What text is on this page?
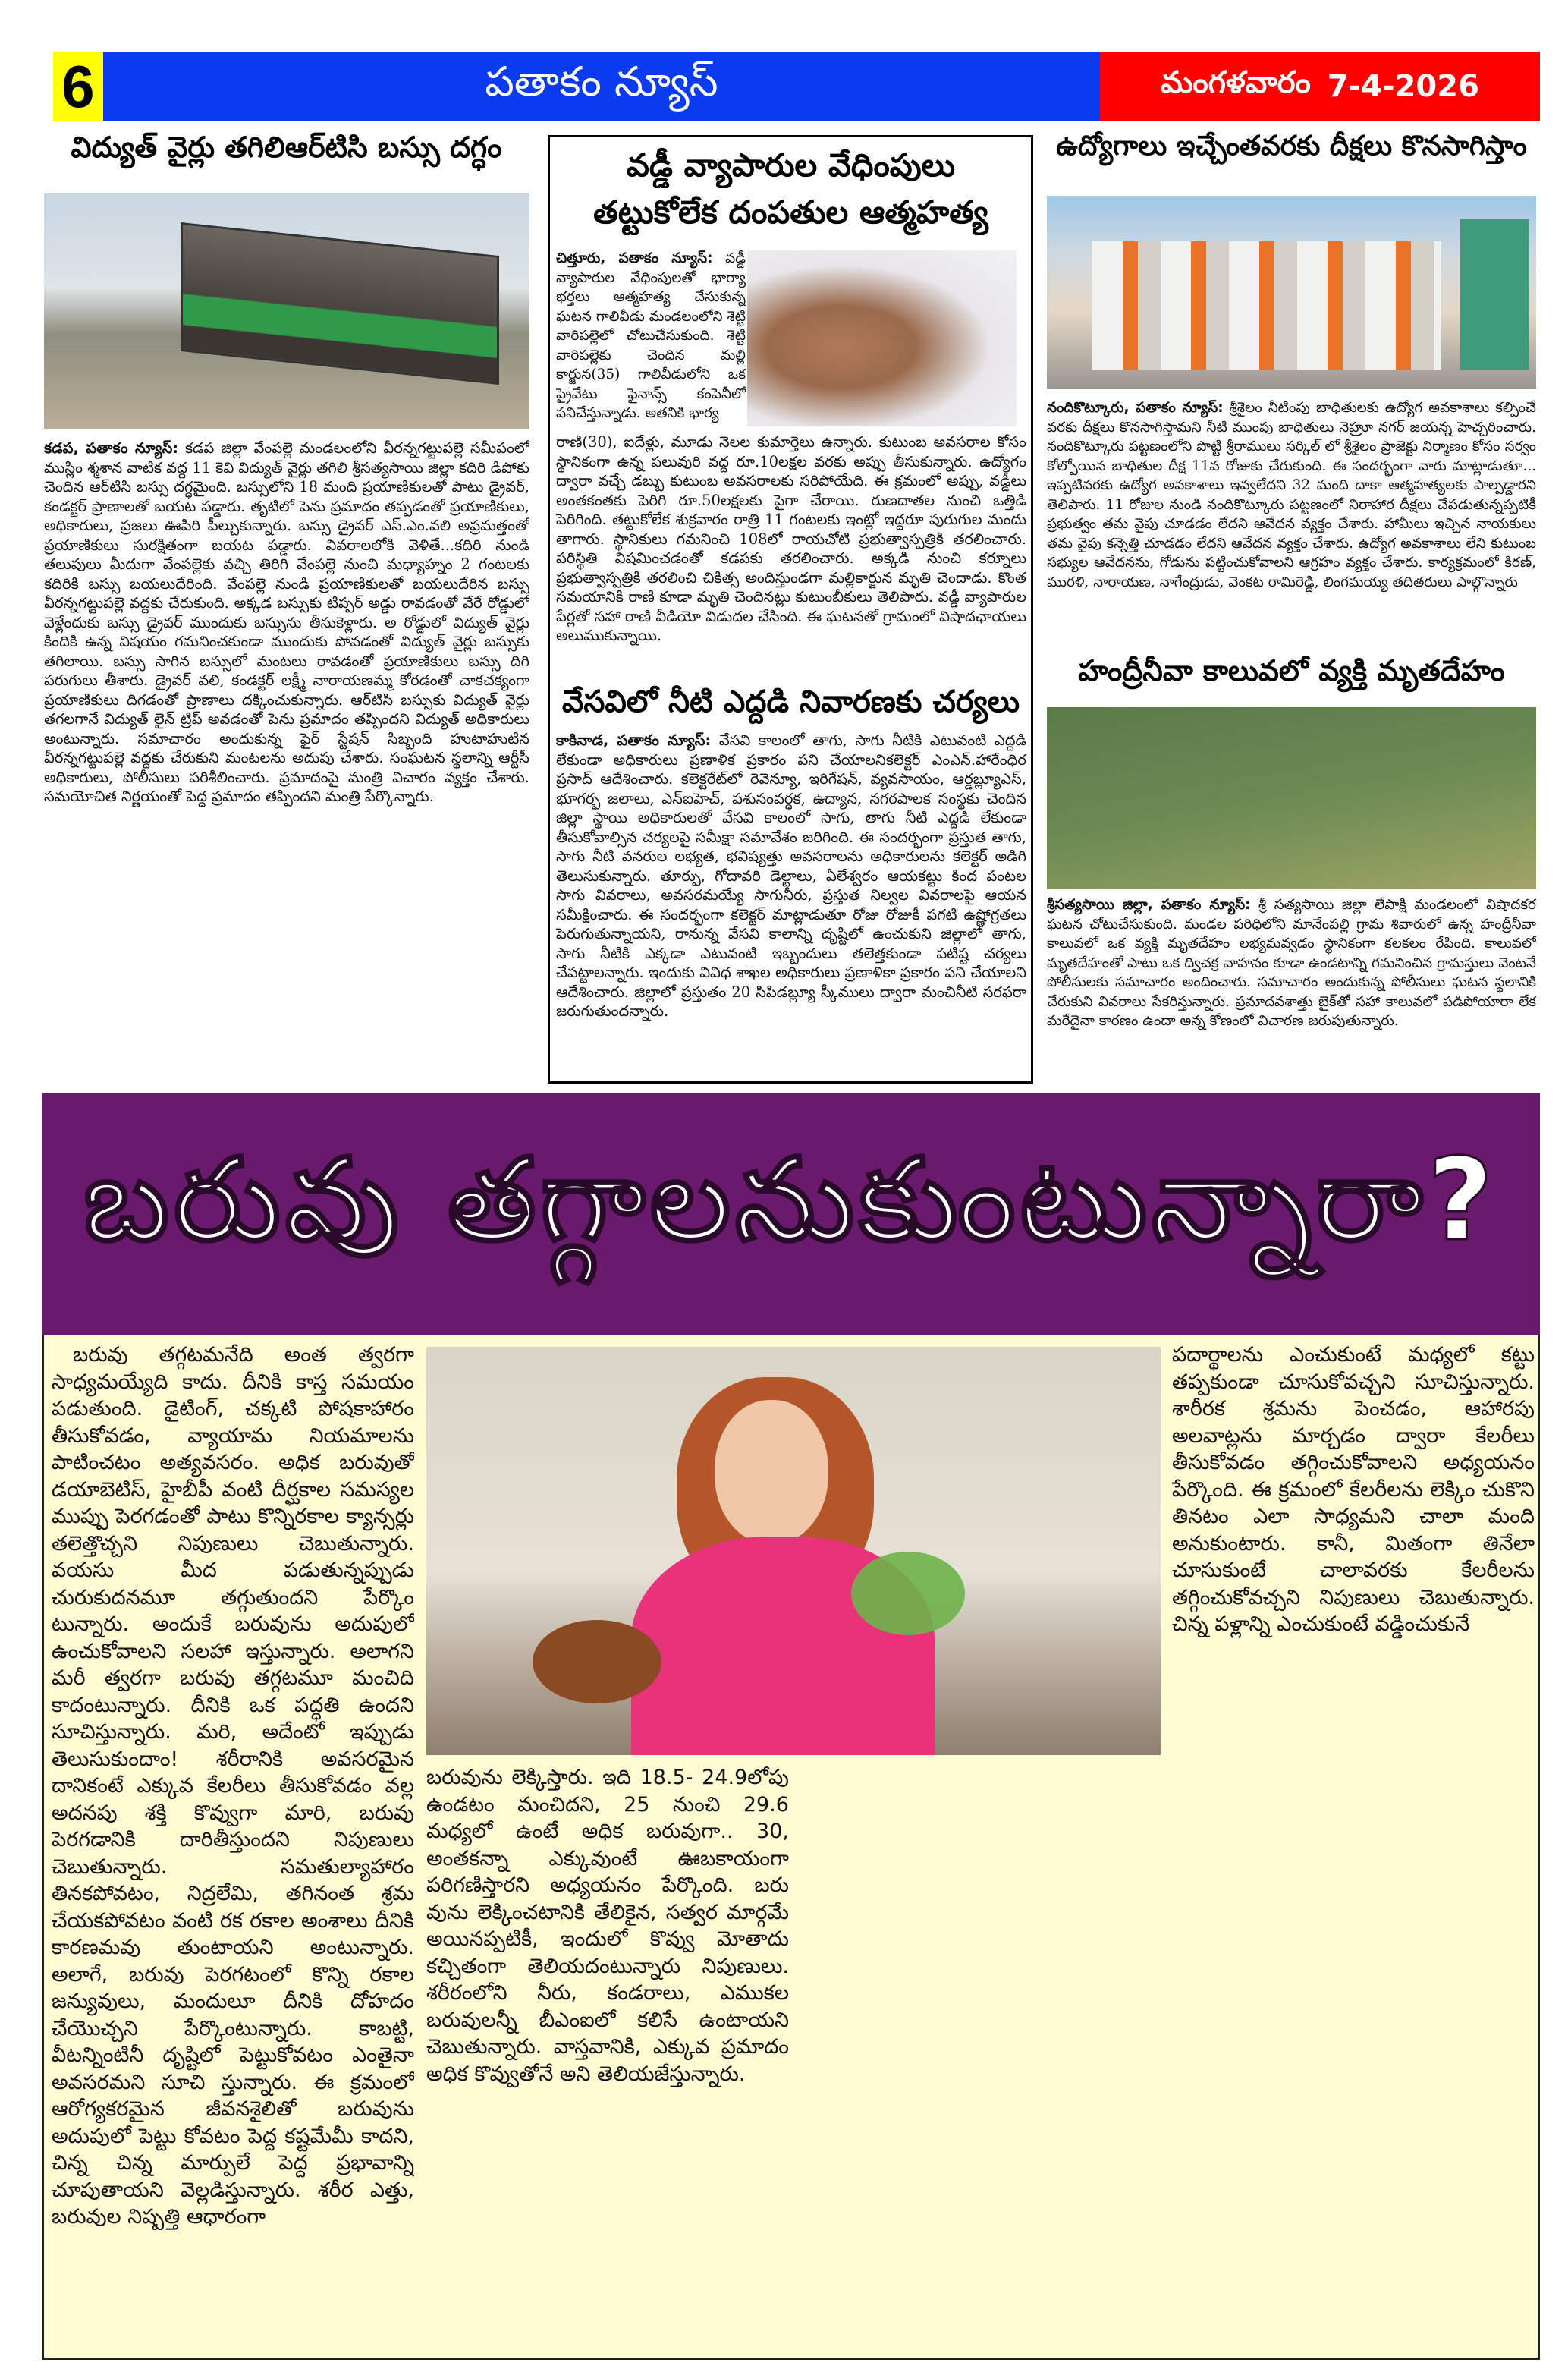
6	పతాకం న్యూస్	మంగళవారం 7-4-2026
విద్యుత్ వైర్లు తగిలిఆర్‌టిసి బస్సు దగ్ధం
కడప, పతాకం న్యూస్: కడప జిల్లా వేంపల్లె మండలంలోని వీరన్నగట్టుపల్లె సమీపంలో ముస్లిం శ్మశాన వాటిక వద్ద 11 కెవి విద్యుత్ వైర్లు తగిలి శ్రీసత్యసాయి జిల్లా కదిరి డిపోకు చెందిన ఆర్‌టిసి బస్సు దగ్ధమైంది. బస్సులోని 18 మంది ప్రయాణికులతో పాటు డ్రైవర్, కండక్టర్ ప్రాణాలతో బయట పడ్డారు. తృటిలో పెను ప్రమాదం తప్పడంతో ప్రయాణికులు, అధికారులు, ప్రజలు ఊపిరి పీల్చుకున్నారు. బస్సు డ్రైవర్ ఎస్.ఎం.వలి అప్రమత్తంతో ప్రయాణికులు సురక్షితంగా బయట పడ్డారు. వివరాలలోకి వెళితే...కదిరి నుండి తలుపులు మీదుగా వేంపల్లెకు వచ్చి తిరిగి వేంపల్లె నుంచి మధ్యాహ్నం 2 గంటలకు కదిరికి బస్సు బయలుదేరింది. వేంపల్లె నుండి ప్రయాణికులతో బయలుదేరిన బస్సు వీరన్నగట్టుపల్లె వద్దకు చేరుకుంది. అక్కడ బస్సుకు టిప్పర్ అడ్డు రావడంతో వేరే రోడ్డులో వెళ్లేందుకు బస్సు డ్రైవర్ ముందుకు బస్సును తీసుకెళ్లారు. అ రోడ్డులో విద్యుత్ వైర్లు కిందికి ఉన్న విషయం గమనించకుండా ముందుకు పోవడంతో విద్యుత్ వైర్లు బస్సుకు తగిలాయి. బస్సు సాగిన బస్సులో మంటలు రావడంతో ప్రయాణికులు బస్సు దిగి పరుగులు తీశారు. డ్రైవర్ వలి, కండక్టర్ లక్ష్మీ నారాయణమ్మ కోరడంతో చాకచక్యంగా ప్రయాణికులు దిగడంతో ప్రాణాలు దక్కించుకున్నారు. ఆర్‌టిసి బస్సుకు విద్యుత్ వైర్లు తగలగానే విద్యుత్ లైన్ ట్రిప్ అవడంతో పెను ప్రమాదం తప్పిందని విద్యుత్ అధికారులు అంటున్నారు. సమాచారం అందుకున్న ఫైర్ స్టేషన్ సిబ్బంది హుటాహుటిన వీరన్నగట్టుపల్లె వద్దకు చేరుకుని మంటలను అదుపు చేశారు. సంఘటన స్థలాన్ని ఆర్టీసీ అధికారులు, పోలీసులు పరిశీలించారు. ప్రమాదంపై మంత్రి విచారం వ్యక్తం చేశారు. సమయోచిత నిర్ణయంతో పెద్ద ప్రమాదం తప్పిందని మంత్రి పేర్కొన్నారు.
వడ్డీ వ్యాపారుల వేధింపులు
తట్టుకోలేక దంపతుల ఆత్మహత్య
చిత్తూరు, పతాకం న్యూస్: వడ్డీ వ్యాపారుల వేధింపులతో భార్యా భర్తలు ఆత్మహత్య చేసుకున్న ఘటన గాలివీడు మండలంలోని శెట్టి వారిపల్లెలో చోటుచేసుకుంది. శెట్టి వారిపల్లెకు చెందిన మల్లి కార్జున(35) గాలివీడులోని ఒక ప్రైవేటు ఫైనాన్స్ కంపెనీలో పనిచేస్తున్నాడు. అతనికి భార్య
రాణి(30), ఐదేళ్లు, మూడు నెలల కుమార్తెలు ఉన్నారు. కుటుంబ అవసరాల కోసం స్థానికంగా ఉన్న పలువురి వద్ద రూ.10లక్షల వరకు అప్పు తీసుకున్నారు. ఉద్యోగం ద్వారా వచ్చే డబ్బు కుటుంబ అవసరాలకు సరిపోయేది. ఈ క్రమంలో అప్పు, వడ్డీలు అంతకంతకు పెరిగి రూ.50లక్షలకు పైగా చేరాయి. రుణదాతల నుంచి ఒత్తిడి పెరిగింది. తట్టుకోలేక శుక్రవారం రాత్రి 11 గంటలకు ఇంట్లో ఇద్దరూ పురుగుల మందు తాగారు. స్థానికులు గమనించి 108లో రాయచోటి ప్రభుత్వాస్పత్రికి తరలించారు. పరిస్థితి విషమించడంతో కడపకు తరలించారు. అక్కడి నుంచి కర్నూలు ప్రభుత్వాస్పత్రికి తరలించి చికిత్స అందిస్తుండగా మల్లికార్జున మృతి చెందాడు. కొంత సమయానికి రాణి కూడా మృతి చెందినట్లు కుటుంబీకులు తెలిపారు. వడ్డీ వ్యాపారుల పేర్లతో సహా రాణి వీడియో విడుదల చేసింది. ఈ ఘటనతో గ్రామంలో విషాదఛాయలు అలుముకున్నాయి.
వేసవిలో నీటి ఎద్దడి నివారణకు చర్యలు
కాకినాడ, పతాకం న్యూస్: వేసవి కాలంలో తాగు, సాగు నీటికి ఎటువంటి ఎద్దడి లేకుండా అధికారులు ప్రణాళిక ప్రకారం పని చేయాలనికలెక్టర్ ఎంఎన్.హారేంధిర ప్రసాద్ ఆదేశించారు. కలెక్టరేట్‌లో రెవెన్యూ, ఇరిగేషన్, వ్యవసాయం, ఆర్డబ్ల్యూఎస్, భూగర్భ జలాలు, ఎన్ఐహెచ్, పశుసంవర్ధక, ఉద్యాన, నగరపాలక సంస్థకు చెందిన జిల్లా స్థాయి అధికారులతో వేసవి కాలంలో సాగు, తాగు నీటి ఎద్దడి లేకుండా తీసుకోవాల్సిన చర్యలపై సమీక్షా సమావేశం జరిగింది. ఈ సందర్భంగా ప్రస్తుత తాగు, సాగు నీటి వనరుల లభ్యత, భవిష్యత్తు అవసరాలను అధికారులను కలెక్టర్ అడిగి తెలుసుకున్నారు. తూర్పు, గోదావరి డెల్టాలు, ఏలేశ్వరం ఆయకట్టు కింద పంటల సాగు వివరాలు, అవసరమయ్యే సాగునీరు, ప్రస్తుత నిల్వల వివరాలపై ఆయన సమీక్షించారు. ఈ సందర్భంగా కలెక్టర్ మాట్లాడుతూ రోజు రోజుకీ పగటి ఉష్ణోగ్రతలు పెరుగుతున్నాయని, రానున్న వేసవి కాలాన్ని దృష్టిలో ఉంచుకుని జిల్లాలో తాగు, సాగు నీటికి ఎక్కడా ఎటువంటి ఇబ్బందులు తలెత్తకుండా పటిష్ట చర్యలు చేపట్టాలన్నారు. ఇందుకు వివిధ శాఖల అధికారులు ప్రణాళికా ప్రకారం పని చేయాలని ఆదేశించారు. జిల్లాలో ప్రస్తుతం 20 సిపిడబ్ల్యూ స్కీములు ద్వారా మంచినీటి సరఫరా జరుగుతుందన్నారు.
ఉద్యోగాలు ఇచ్చేంతవరకు దీక్షలు కొనసాగిస్తాం
నందికొట్కూరు, పతాకం న్యూస్: శ్రీశైలం నీటింపు బాధితులకు ఉద్యోగ అవకాశాలు కల్పించే వరకు దీక్షలు కొనసాగిస్తామని నీటి ముంపు బాధితులు నెహ్రూ నగర్ జయన్న హెచ్చరించారు. నందికొట్కూరు పట్టణంలోని పొట్టి శ్రీరాములు సర్కిల్ లో శ్రీశైలం ప్రాజెక్టు నిర్మాణం కోసం సర్వం కోల్పోయిన బాధితుల దీక్ష 11వ రోజుకు చేరుకుంది. ఈ సందర్భంగా వారు మాట్లాడుతూ... ఇప్పటివరకు ఉద్యోగ అవకాశాలు ఇవ్వలేదని 32 మంది దాకా ఆత్మహత్యలకు పాల్పడ్డారని తెలిపారు. 11 రోజుల నుండి నందికొట్కూరు పట్టణంలో నిరాహార దీక్షలు చేపడుతున్నప్పటికీ ప్రభుత్వం తమ వైపు చూడడం లేదని ఆవేదన వ్యక్తం చేశారు. హామీలు ఇచ్చిన నాయకులు తమ వైపు కన్నెత్తి చూడడం లేదని ఆవేదన వ్యక్తం చేశారు. ఉద్యోగ అవకాశాలు లేని కుటుంబ సభ్యుల ఆవేదనను, గోడును పట్టించుకోవాలని ఆగ్రహం వ్యక్తం చేశారు. కార్యక్రమంలో కిరణ్, మురళి, నారాయణ, నాగేంద్రుడు, వెంకట రామిరెడ్డి, లింగమయ్య తదితరులు పాల్గొన్నారు
హంద్రీనీవా కాలువలో వ్యక్తి మృతదేహం
శ్రీసత్యసాయి జిల్లా, పతాకం న్యూస్: శ్రీ సత్యసాయి జిల్లా లేపాక్షి మండలంలో విషాదకర ఘటన చోటుచేసుకుంది. మండల పరిధిలోని మానేంపల్లి గ్రామ శివారులో ఉన్న హంద్రీనీవా కాలువలో ఒక వ్యక్తి మృతదేహం లభ్యమవ్వడం స్థానికంగా కలకలం రేపింది. కాలువలో మృతదేహంతో పాటు ఒక ద్విచక్ర వాహనం కూడా ఉండటాన్ని గమనించిన గ్రామస్తులు వెంటనే పోలీసులకు సమాచారం అందించారు. సమాచారం అందుకున్న పోలీసులు ఘటన స్థలానికి చేరుకుని వివరాలు సేకరిస్తున్నారు. ప్రమాదవశాత్తు బైక్‌తో సహా కాలువలో పడిపోయారా లేక మరేదైనా కారణం ఉందా అన్న కోణంలో విచారణ జరుపుతున్నారు.
బరువు తగ్గాలనుకుంటున్నారా?
బరువు తగ్గటమనేది అంత త్వరగా సాధ్యమయ్యేది కాదు. దీనికి కాస్త సమయం పడుతుంది. డైటింగ్, చక్కటి పోషకాహారం తీసుకోవడం, వ్యాయామ నియమాలను పాటించటం అత్యవసరం. అధిక బరువుతో డయాబెటిస్, హైబీపీ వంటి దీర్ఘకాల సమస్యల ముప్పు పెరగడంతో పాటు కొన్నిరకాల క్యాన్సర్లు తలెత్తొచ్చని నిపుణులు చెబుతున్నారు. వయసు మీద పడుతున్నప్పుడు చురుకుదనమూ తగ్గుతుందని పేర్కొం టున్నారు. అందుకే బరువును అదుపులో ఉంచుకోవాలని సలహా ఇస్తున్నారు. అలాగని మరీ త్వరగా బరువు తగ్గటమూ మంచిది కాదంటున్నారు. దీనికి ఒక పద్ధతి ఉందని సూచిస్తున్నారు. మరి, అదేంటో ఇప్పుడు తెలుసుకుందాం! శరీరానికి అవసరమైన దానికంటే ఎక్కువ కేలరీలు తీసుకోవడం వల్ల అదనపు శక్తి కొవ్వుగా మారి, బరువు పెరగడానికి దారితీస్తుందని నిపుణులు చెబుతున్నారు. సమతుల్యాహారం తినకపోవటం, నిద్రలేమి, తగినంత శ్రమ చేయకపోవటం వంటి రక రకాల అంశాలు దీనికి కారణమవు తుంటాయని అంటున్నారు. అలాగే, బరువు పెరగటంలో కొన్ని రకాల జన్యువులు, మందులూ దీనికి దోహదం చేయొచ్చని పేర్కొంటున్నారు. కాబట్టి, వీటన్నింటినీ దృష్టిలో పెట్టుకోవటం ఎంతైనా అవసరమని సూచి స్తున్నారు. ఈ క్రమంలో ఆరోగ్యకరమైన జీవనశైలితో బరువును అదుపులో పెట్టు కోవటం పెద్ద కష్టమేమీ కాదని, చిన్న చిన్న మార్పులే పెద్ద ప్రభావాన్ని చూపుతాయని వెల్లడిస్తున్నారు. శరీర ఎత్తు, బరువుల నిష్పత్తి ఆధారంగా
బరువును లెక్కిస్తారు. ఇది 18.5- 24.9లోపు ఉండటం మంచిదని, 25 నుంచి 29.6 మధ్యలో ఉంటే అధిక బరువుగా.. 30, అంతకన్నా ఎక్కువుంటే ఊబకాయంగా పరిగణిస్తారని అధ్యయనం పేర్కొంది. బరు వును లెక్కించటానికి తేలికైన, సత్వర మార్గమే అయినప్పటికీ, ఇందులో కొవ్వు మోతాదు కచ్చితంగా తెలియదంటున్నారు నిపుణులు. శరీరంలోని నీరు, కండరాలు, ఎముకల బరువులన్నీ బీఎంఐలో కలిసే ఉంటాయని చెబుతున్నారు. వాస్తవానికి, ఎక్కువ ప్రమాదం అధిక కొవ్వుతోనే అని తెలియజేస్తున్నారు.
పదార్థాలను ఎంచుకుంటే మధ్యలో కట్టు తప్పకుండా చూసుకోవచ్చని సూచిస్తున్నారు. శారీరక శ్రమను పెంచడం, ఆహారపు అలవాట్లను మార్చడం ద్వారా కేలరీలు తీసుకోవడం తగ్గించుకోవాలని అధ్యయనం పేర్కొంది. ఈ క్రమంలో కేలరీలను లెక్కిం చుకొని తినటం ఎలా సాధ్యమని చాలా మంది అనుకుంటారు. కానీ, మితంగా తినేలా చూసుకుంటే చాలావరకు కేలరీలను తగ్గించుకోవచ్చని నిపుణులు చెబుతున్నారు. చిన్న పళ్లాన్ని ఎంచుకుంటే వడ్డించుకునే
